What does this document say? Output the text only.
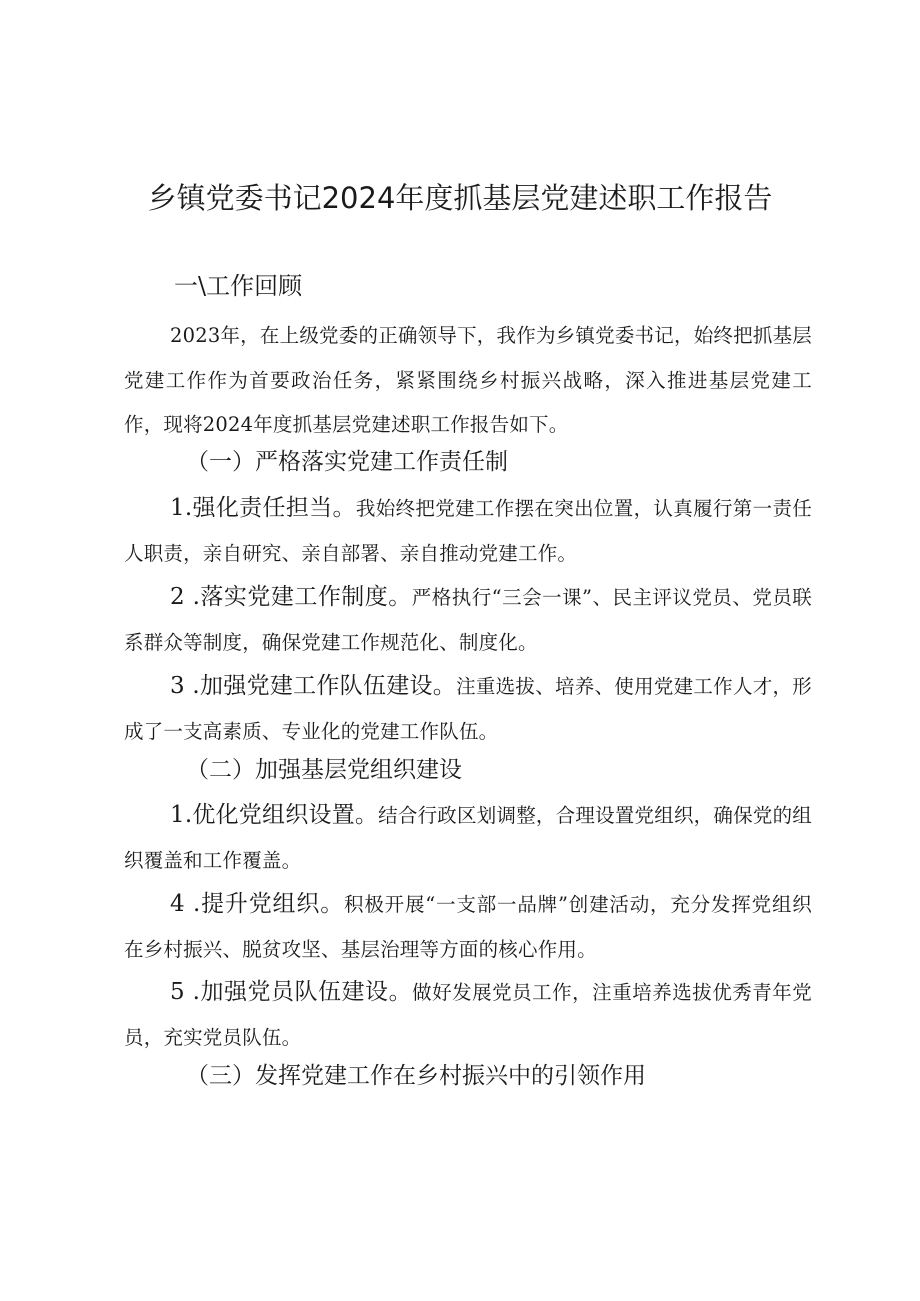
乡镇党委书记2024年度抓基层党建述职工作报告
一\工作回顾

2023年，在上级党委的正确领导下，我作为乡镇党委书记，始终把抓基层党建工作作为首要政治任务，紧紧围绕乡村振兴战略，深入推进基层党建工作，现将2024年度抓基层党建述职工作报告如下。

（一）严格落实党建工作责任制

1.强化责任担当。我始终把党建工作摆在突出位置，认真履行第一责任人职责，亲自研究、亲自部署、亲自推动党建工作。

2 .落实党建工作制度。严格执行“三会一课”、民主评议党员、党员联系群众等制度，确保党建工作规范化、制度化。

3 .加强党建工作队伍建设。注重选拔、培养、使用党建工作人才，形成了一支高素质、专业化的党建工作队伍。

（二）加强基层党组织建设

1.优化党组织设置。结合行政区划调整，合理设置党组织，确保党的组织覆盖和工作覆盖。

4 .提升党组织。积极开展“一支部一品牌”创建活动，充分发挥党组织在乡村振兴、脱贫攻坚、基层治理等方面的核心作用。

5 .加强党员队伍建设。做好发展党员工作，注重培养选拔优秀青年党员，充实党员队伍。

（三）发挥党建工作在乡村振兴中的引领作用
